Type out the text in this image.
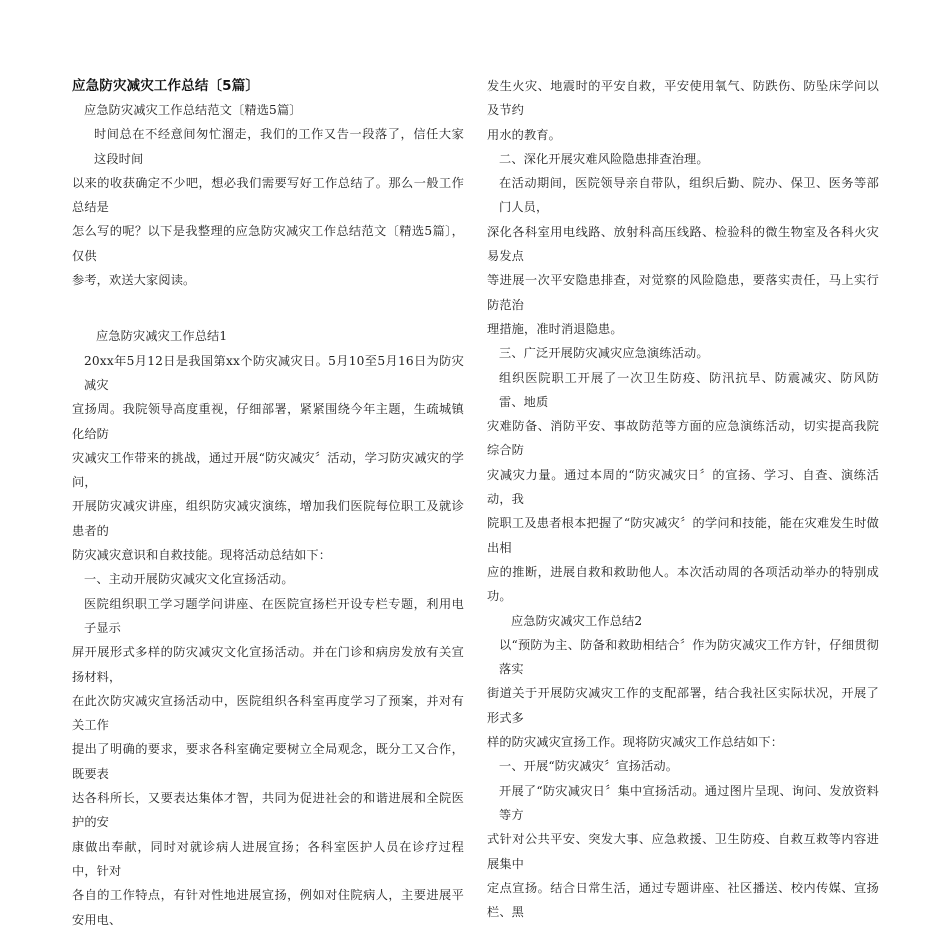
应急防灾减灾工作总结〔5篇〕

应急防灾减灾工作总结范文〔精选5篇〕

时间总在不经意间匆忙溜走，我们的工作又告一段落了，信任大家这段时间

以来的收获确定不少吧，想必我们需要写好工作总结了。那么一般工作总结是

怎么写的呢？以下是我整理的应急防灾减灾工作总结范文〔精选5篇〕，仅供

参考，欢送大家阅读。

应急防灾减灾工作总结1

20xx年5月12日是我国第xx个防灾减灾日。5月10至5月16日为防灾减灾

宣扬周。我院领导高度重视，仔细部署，紧紧围绕今年主题，生疏城镇化给防

灾减灾工作带来的挑战，通过开展“防灾减灾〞活动，学习防灾减灾的学问，

开展防灾减灾讲座，组织防灾减灾演练，增加我们医院每位职工及就诊患者的

防灾减灾意识和自救技能。现将活动总结如下：

一、主动开展防灾减灾文化宣扬活动。

医院组织职工学习题学问讲座、在医院宣扬栏开设专栏专题，利用电子显示

屏开展形式多样的防灾减灾文化宣扬活动。并在门诊和病房发放有关宣扬材料，

在此次防灾减灾宣扬活动中，医院组织各科室再度学习了预案，并对有关工作

提出了明确的要求，要求各科室确定要树立全局观念，既分工又合作，既要表

达各科所长，又要表达集体才智，共同为促进社会的和谐进展和全院医护的安

康做出奉献，同时对就诊病人进展宣扬；各科室医护人员在诊疗过程中，针对

各自的工作特点，有针对性地进展宣扬，例如对住院病人，主要进展平安用电、

发生火灾、地震时的平安自救，平安使用氧气、防跌伤、防坠床学问以及节约

用水的教育。

二、深化开展灾难风险隐患排查治理。

在活动期间，医院领导亲自带队，组织后勤、院办、保卫、医务等部门人员，

深化各科室用电线路、放射科高压线路、检验科的微生物室及各科火灾易发点

等进展一次平安隐患排查，对觉察的风险隐患，要落实责任，马上实行防范治

理措施，准时消退隐患。

三、广泛开展防灾减灾应急演练活动。

组织医院职工开展了一次卫生防疫、防汛抗旱、防震减灾、防风防雷、地质

灾难防备、消防平安、事故防范等方面的应急演练活动，切实提高我院综合防

灾减灾力量。通过本周的“防灾减灾日〞的宣扬、学习、自查、演练活动，我

院职工及患者根本把握了“防灾减灾〞的学问和技能，能在灾难发生时做出相

应的推断，进展自救和救助他人。本次活动周的各项活动举办的特别成功。

应急防灾减灾工作总结2

以“预防为主、防备和救助相结合〞作为防灾减灾工作方针，仔细贯彻落实

街道关于开展防灾减灾工作的支配部署，结合我社区实际状况，开展了形式多

样的防灾减灾宣扬工作。现将防灾减灾工作总结如下：

一、开展“防灾减灾〞宣扬活动。

开展了“防灾减灾日〞集中宣扬活动。通过图片呈现、询问、发放资料等方

式针对公共平安、突发大事、应急救援、卫生防疫、自救互救等内容进展集中

定点宣扬。结合日常生活，通过专题讲座、社区播送、校内传媒、宣扬栏、黑
